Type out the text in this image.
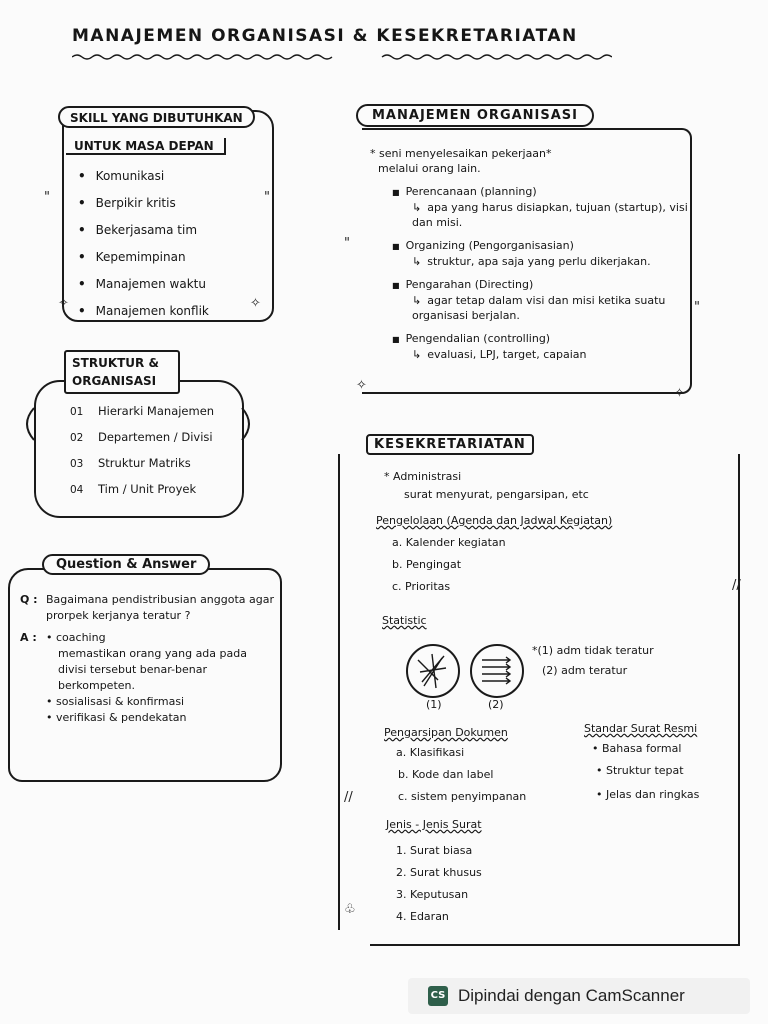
MANAJEMEN ORGANISASI & KESEKRETARIATAN
SKILL YANG DIBUTUHKAN
UNTUK MASA DEPAN
• Komunikasi
• Berpikir kritis
• Bekerjasama tim
• Kepemimpinan
• Manajemen waktu
• Manajemen konflik
"	"
✧	✧
01 Hierarki Manajemen
02 Departemen / Divisi
03 Struktur Matriks
04 Tim / Unit Proyek
STRUKTUR &
ORGANISASI
Q : Bagaimana pendistribusian anggota agar prorpek kerjanya teratur ?
A : • coaching
memastikan orang yang ada pada divisi tersebut benar-benar berkompeten.
• sosialisasi & konfirmasi
• verifikasi & pendekatan
Question & Answer
MANAJEMEN ORGANISASI
* seni menyelesaikan pekerjaan*
melalui orang lain.
■ Perencanaan (planning)
↳ apa yang harus disiapkan, tujuan (startup), visi dan misi.
■ Organizing (Pengorganisasian)
↳ struktur, apa saja yang perlu dikerjakan.
■ Pengarahan (Directing)
↳ agar tetap dalam visi dan misi ketika suatu organisasi berjalan.
■ Pengendalian (controlling)
↳ evaluasi, LPJ, target, capaian
"
"
✧
✧
KESEKRETARIATAN
* Administrasi
surat menyurat, pengarsipan, etc
Pengelolaan (Agenda dan Jadwal Kegiatan)
a. Kalender kegiatan
b. Pengingat
c. Prioritas
Statistic
(1)	(2)
*(1) adm tidak teratur
(2) adm teratur
Pengarsipan Dokumen
a. Klasifikasi
b. Kode dan label
c. sistem penyimpanan
Standar Surat Resmi
• Bahasa formal
• Struktur tepat
• Jelas dan ringkas
Jenis - Jenis Surat
1. Surat biasa
2. Surat khusus
3. Keputusan
4. Edaran
//
//
♧
CS Dipindai dengan CamScanner
